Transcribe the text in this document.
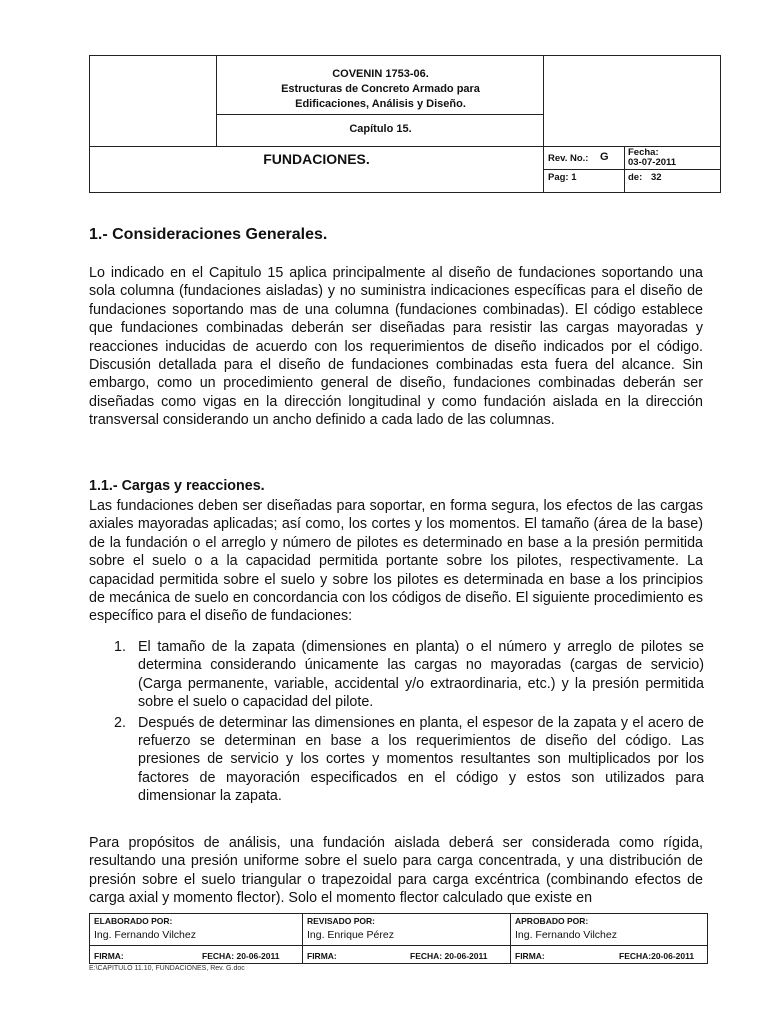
COVENIN 1753-06.
Estructuras de Concreto Armado para
Edificaciones, Análisis y Diseño.
Capítulo 15.
FUNDACIONES.	Rev. No.: G Fecha:
03-07-2011
Pag: 1	de: 32
1.- Consideraciones Generales.

Lo indicado en el Capitulo 15 aplica principalmente al diseño de fundaciones soportando una sola columna (fundaciones aisladas) y no suministra indicaciones específicas para el diseño de fundaciones soportando mas de una columna (fundaciones combinadas). El código establece que fundaciones combinadas deberán ser diseñadas para resistir las cargas mayoradas y reacciones inducidas de acuerdo con los requerimientos de diseño indicados por el código. Discusión detallada para el diseño de fundaciones combinadas esta fuera del alcance. Sin embargo, como un procedimiento general de diseño, fundaciones combinadas deberán ser diseñadas como vigas en la dirección longitudinal y como fundación aislada en la dirección transversal considerando un ancho definido a cada lado de las columnas.

1.1.- Cargas y reacciones.

Las fundaciones deben ser diseñadas para soportar, en forma segura, los efectos de las cargas axiales mayoradas aplicadas; así como, los cortes y los momentos. El tamaño (área de la base) de la fundación o el arreglo y número de pilotes es determinado en base a la presión permitida sobre el suelo o a la capacidad permitida portante sobre los pilotes, respectivamente. La capacidad permitida sobre el suelo y sobre los pilotes es determinada en base a los principios de mecánica de suelo en concordancia con los códigos de diseño. El siguiente procedimiento es específico para el diseño de fundaciones:

1. El tamaño de la zapata (dimensiones en planta) o el número y arreglo de pilotes se determina considerando únicamente las cargas no mayoradas (cargas de servicio) (Carga permanente, variable, accidental y/o extraordinaria, etc.) y la presión permitida sobre el suelo o capacidad del pilote.
2. Después de determinar las dimensiones en planta, el espesor de la zapata y el acero de refuerzo se determinan en base a los requerimientos de diseño del código. Las presiones de servicio y los cortes y momentos resultantes son multiplicados por los factores de mayoración especificados en el código y estos son utilizados para dimensionar la zapata.

Para propósitos de análisis, una fundación aislada deberá ser considerada como rígida, resultando una presión uniforme sobre el suelo para carga concentrada, y una distribución de presión sobre el suelo triangular o trapezoidal para carga excéntrica (combinando efectos de carga axial y momento flector). Solo el momento flector calculado que existe en

ELABORADO POR:
Ing. Fernando Vilchez
REVISADO POR:
Ing. Enrique Pérez
APROBADO POR:
Ing. Fernando Vilchez
FIRMA:	FECHA: 20-06-2011	FIRMA:	FECHA: 20-06-2011	FIRMA:	FECHA:20-06-2011
E:\CAPITULO 11.10, FUNDACIONES, Rev. G.doc
